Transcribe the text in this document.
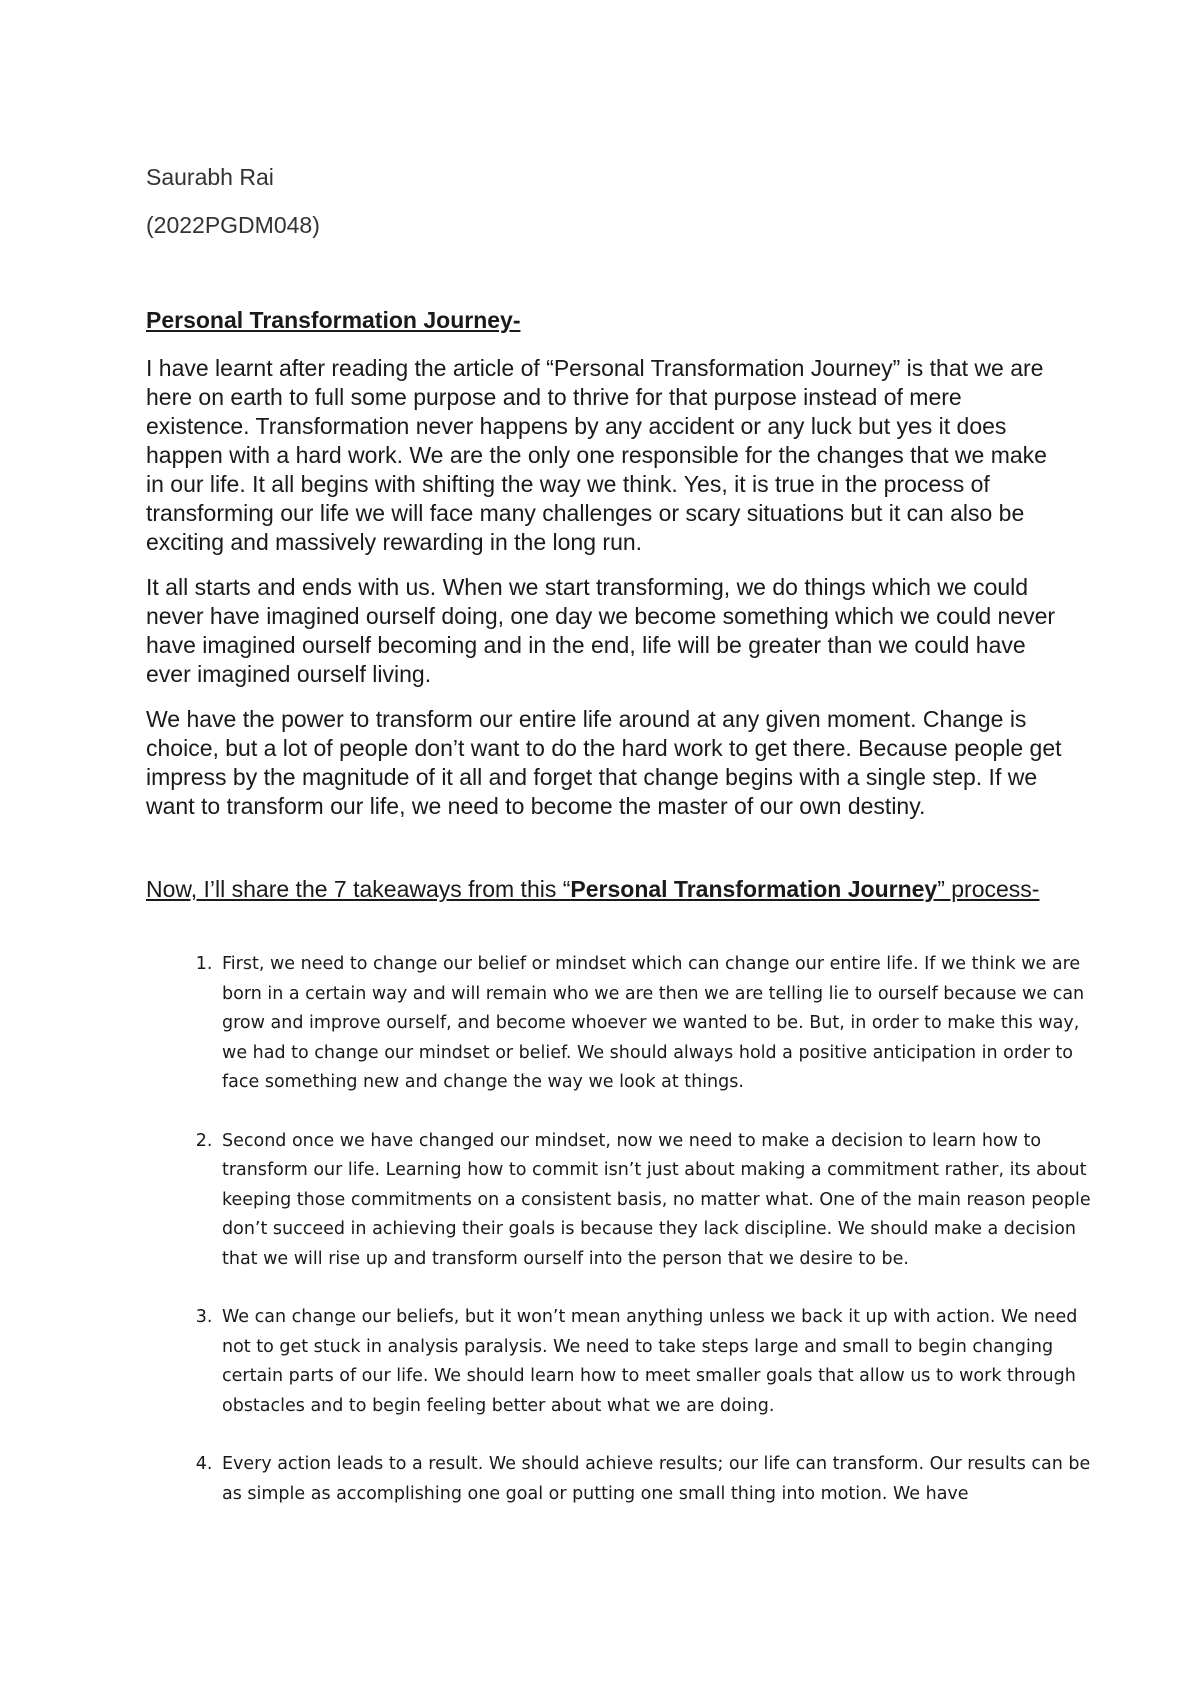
Saurabh Rai
(2022PGDM048)
Personal Transformation Journey-

I have learnt after reading the article of “Personal Transformation Journey” is that we are here on earth to full some purpose and to thrive for that purpose instead of mere existence. Transformation never happens by any accident or any luck but yes it does happen with a hard work. We are the only one responsible for the changes that we make in our life. It all begins with shifting the way we think. Yes, it is true in the process of transforming our life we will face many challenges or scary situations but it can also be exciting and massively rewarding in the long run.

It all starts and ends with us. When we start transforming, we do things which we could never have imagined ourself doing, one day we become something which we could never have imagined ourself becoming and in the end, life will be greater than we could have ever imagined ourself living.

We have the power to transform our entire life around at any given moment. Change is choice, but a lot of people don’t want to do the hard work to get there. Because people get impress by the magnitude of it all and forget that change begins with a single step. If we want to transform our life, we need to become the master of our own destiny.

Now, I’ll share the 7 takeaways from this “Personal Transformation Journey” process-
1. First, we need to change our belief or mindset which can change our entire life. If we think we are born in a certain way and will remain who we are then we are telling lie to ourself because we can grow and improve ourself, and become whoever we wanted to be. But, in order to make this way, we had to change our mindset or belief. We should always hold a positive anticipation in order to face something new and change the way we look at things.
2. Second once we have changed our mindset, now we need to make a decision to learn how to transform our life. Learning how to commit isn’t just about making a commitment rather, its about keeping those commitments on a consistent basis, no matter what. One of the main reason people don’t succeed in achieving their goals is because they lack discipline. We should make a decision that we will rise up and transform ourself into the person that we desire to be.
3. We can change our beliefs, but it won’t mean anything unless we back it up with action. We need not to get stuck in analysis paralysis. We need to take steps large and small to begin changing certain parts of our life. We should learn how to meet smaller goals that allow us to work through obstacles and to begin feeling better about what we are doing.
4. Every action leads to a result. We should achieve results; our life can transform. Our results can be as simple as accomplishing one goal or putting one small thing into motion. We have
